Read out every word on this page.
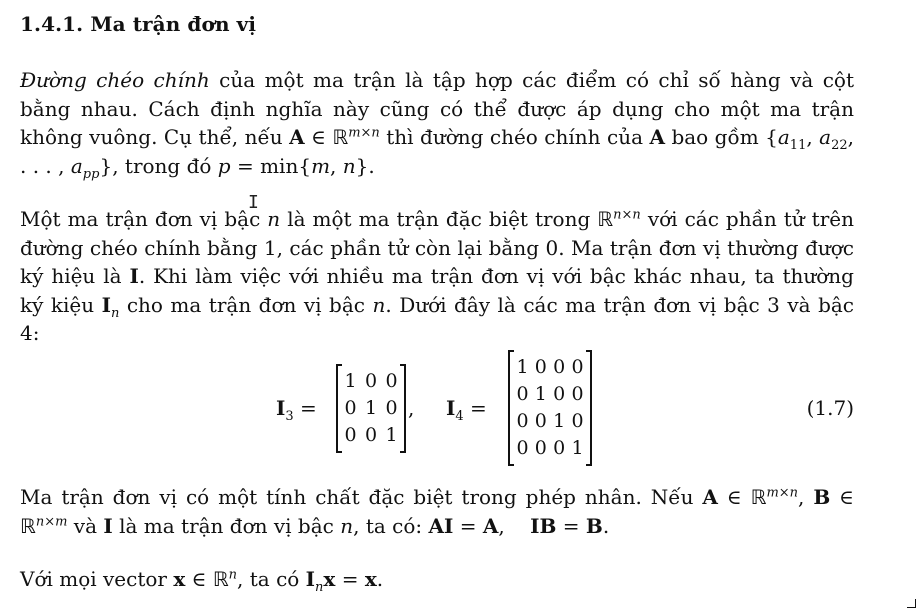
1.4.1. Ma trận đơn vị
Đường chéo chính của một ma trận là tập hợp các điểm có chỉ số hàng và cột bằng nhau. Cách định nghĩa này cũng có thể được áp dụng cho một ma trận không vuông. Cụ thể, nếu A ∈ ℝ$^{m\times n}$ thì đường chéo chính của A bao gồm {$a_{11}$, $a_{22}$, . . . , $a_{pp}$}, trong đó p = min{m, n}.
I
Một ma trận đơn vị bậc n là một ma trận đặc biệt trong ℝ$^{n\times n}$ với các phần tử trên đường chéo chính bằng 1, các phần tử còn lại bằng 0. Ma trận đơn vị thường được ký hiệu là I. Khi làm việc với nhiều ma trận đơn vị với bậc khác nhau, ta thường ký kiệu $I_n$ cho ma trận đơn vị bậc n. Dưới đây là các ma trận đơn vị bậc 3 và bậc 4:
$I_3$ =
1 0 0
0 1 0
0 0 1
, $I_4$ =
1 0 0 0
0 1 0 0
0 0 1 0
0 0 0 1
(1.7)
Ma trận đơn vị có một tính chất đặc biệt trong phép nhân. Nếu A ∈ ℝ$^{m\times n}$, B ∈ ℝ$^{n\times m}$ và I là ma trận đơn vị bậc n, ta có: AI = A,    IB = B.
Với mọi vector x ∈ ℝ$^n$, ta có $I_nx = x$.
